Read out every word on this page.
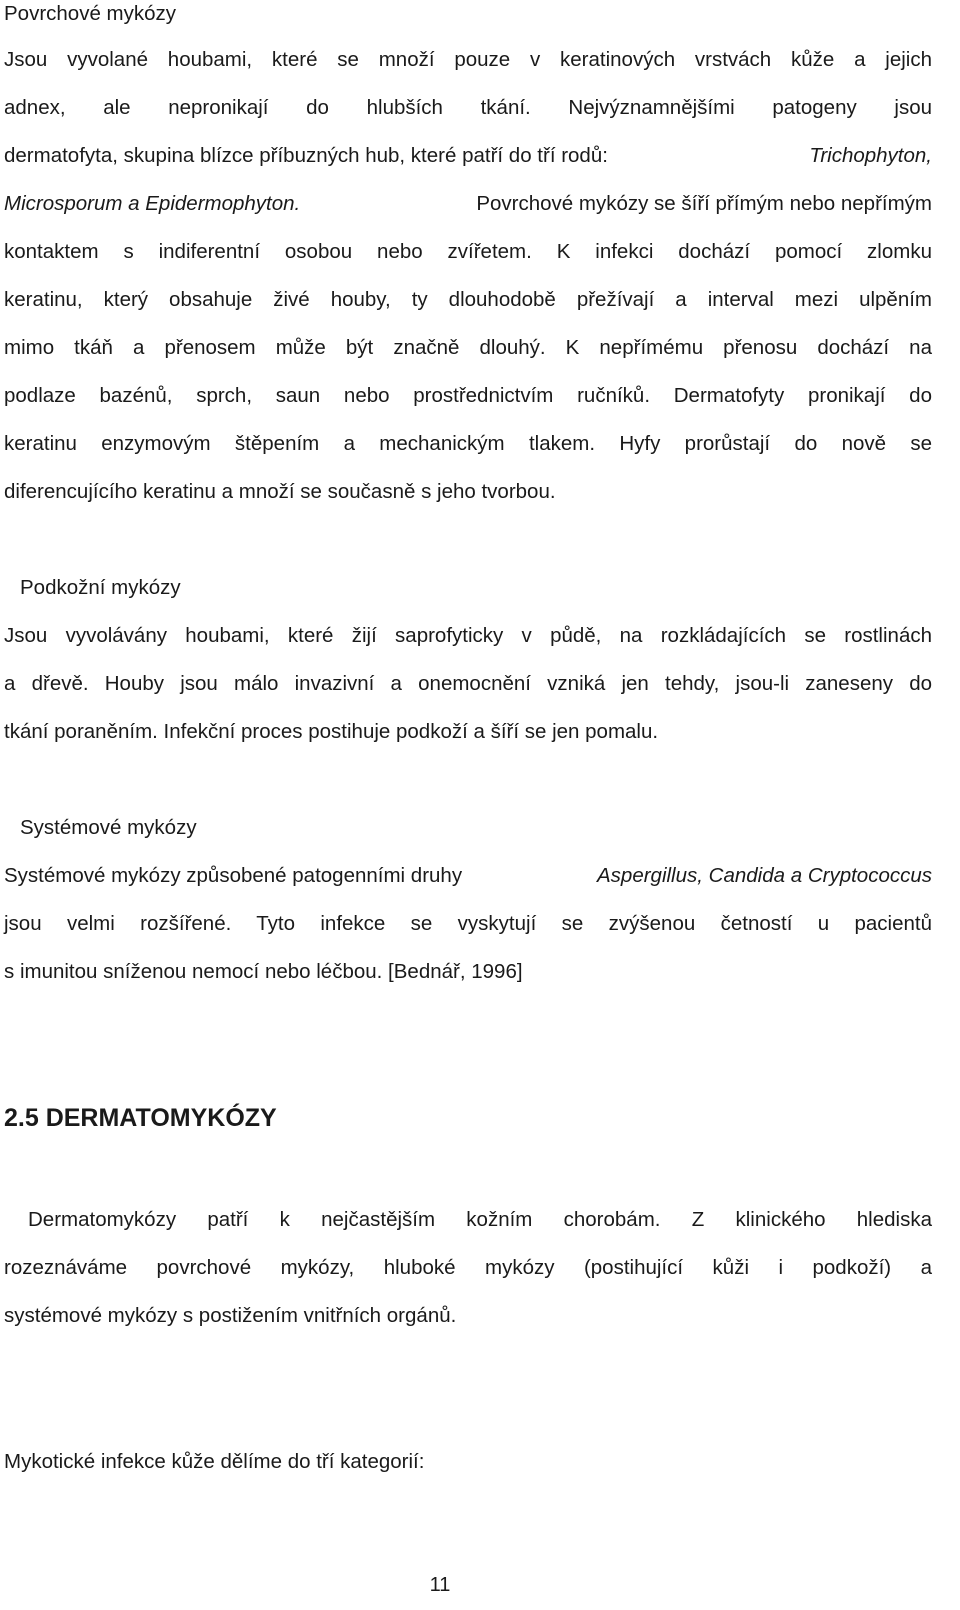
Povrchové mykózy
Jsou vyvolané houbami, které se množí pouze v keratinových vrstvách kůže a jejich
adnex, ale nepronikají do hlubších tkání. Nejvýznamnějšími patogeny jsou
dermatofyta, skupina blízce příbuzných hub, které patří do tří rodů:	Trichophyton,
Microsporum a Epidermophyton.	Povrchové mykózy se šíří přímým nebo nepřímým
kontaktem s indiferentní osobou nebo zvířetem. K infekci dochází pomocí zlomku
keratinu, který obsahuje živé houby, ty dlouhodobě přežívají a interval mezi ulpěním
mimo tkáň a přenosem může být značně dlouhý. K nepřímému přenosu dochází na
podlaze bazénů, sprch, saun nebo prostřednictvím ručníků. Dermatofyty pronikají do
keratinu enzymovým štěpením a mechanickým tlakem. Hyfy prorůstají do nově se
diferencujícího keratinu a množí se současně s jeho tvorbou.
Podkožní mykózy
Jsou vyvolávány houbami, které žijí saprofyticky v půdě, na rozkládajících se rostlinách
a dřevě. Houby jsou málo invazivní a onemocnění vzniká jen tehdy, jsou-li zaneseny do
tkání poraněním. Infekční proces postihuje podkoží a šíří se jen pomalu.
Systémové mykózy
Systémové mykózy způsobené patogenními druhy	Aspergillus, Candida a Cryptococcus
jsou velmi rozšířené. Tyto infekce se vyskytují se zvýšenou četností u pacientů
s imunitou sníženou nemocí nebo léčbou. [Bednář, 1996]
2.5 DERMATOMYKÓZY
Dermatomykózy patří k nejčastějším kožním chorobám. Z klinického hlediska
rozeznáváme povrchové mykózy, hluboké mykózy (postihující kůži i podkoží) a
systémové mykózy s postižením vnitřních orgánů.
Mykotické infekce kůže dělíme do tří kategorií:
11
